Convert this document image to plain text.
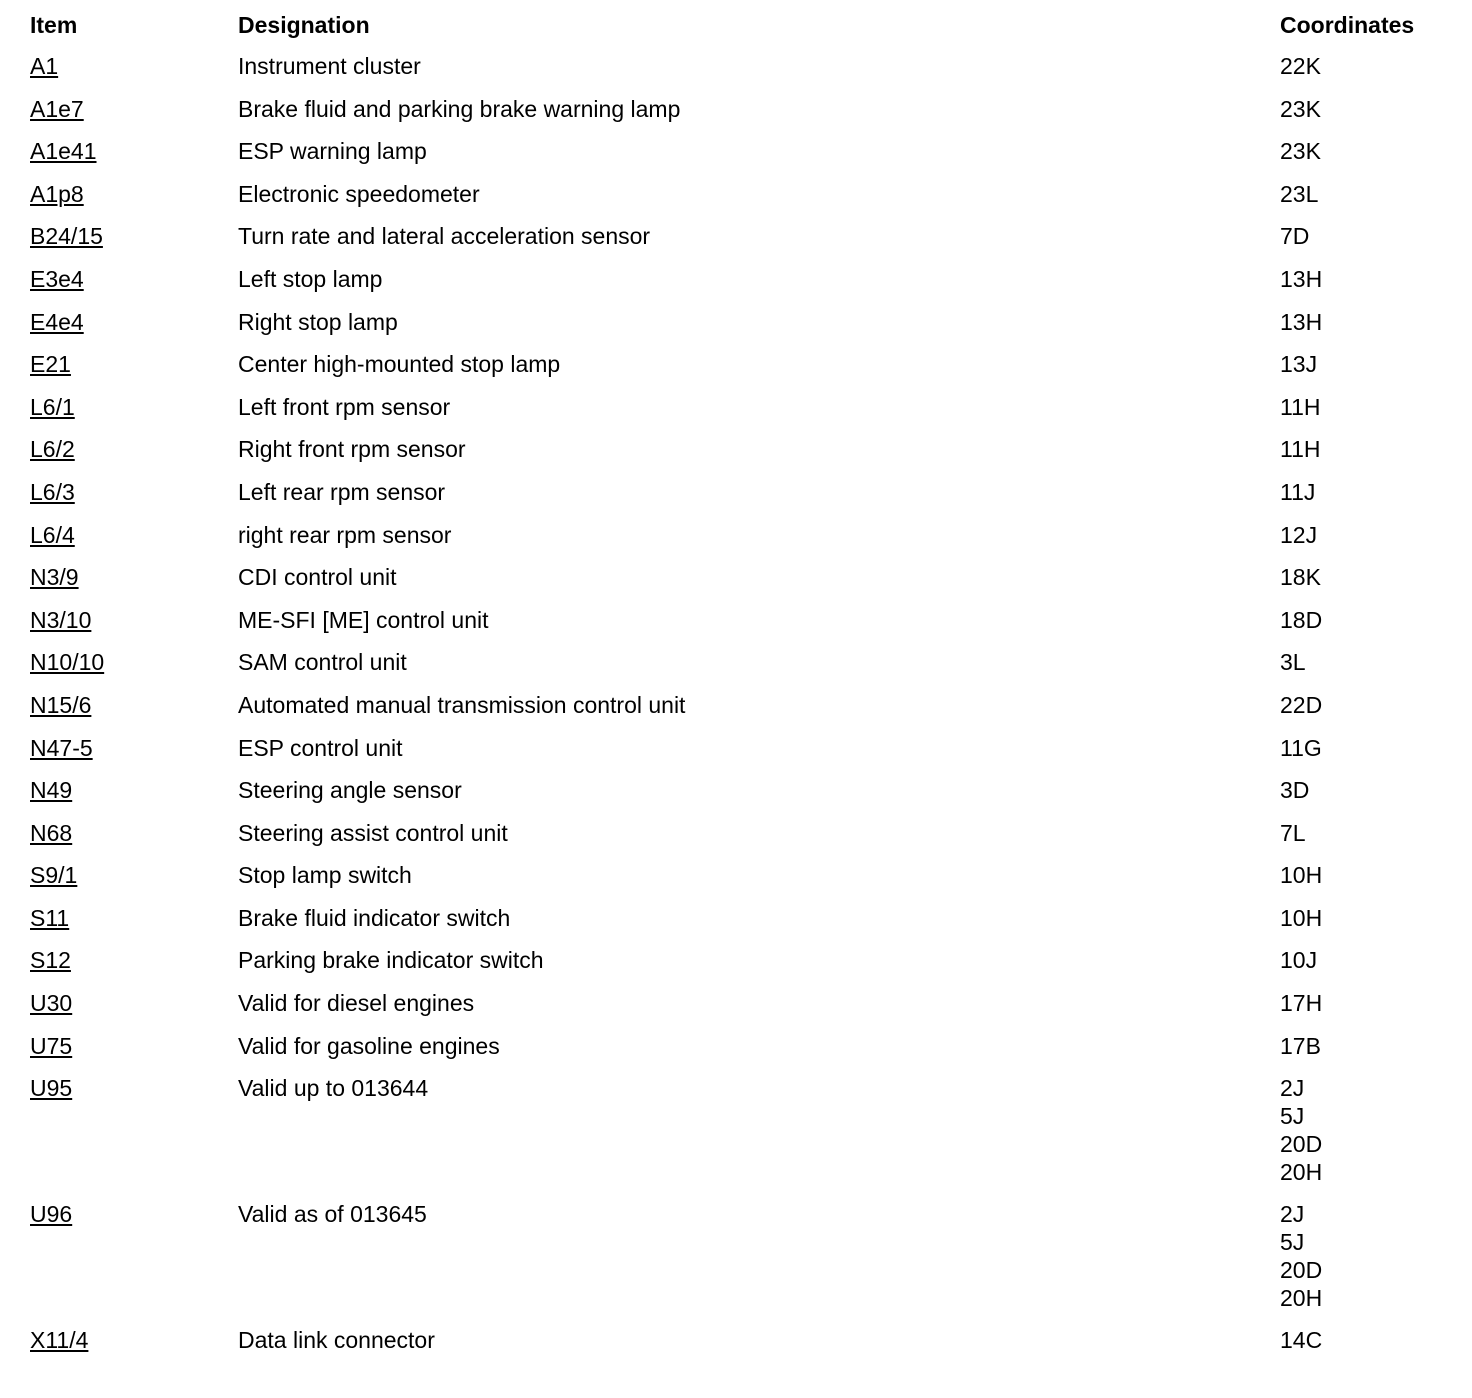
Item	Designation	Coordinates
A1	Instrument cluster	22K
A1e7	Brake fluid and parking brake warning lamp	23K
A1e41	ESP warning lamp	23K
A1p8	Electronic speedometer	23L
B24/15	Turn rate and lateral acceleration sensor	7D
E3e4	Left stop lamp	13H
E4e4	Right stop lamp	13H
E21	Center high-mounted stop lamp	13J
L6/1	Left front rpm sensor	11H
L6/2	Right front rpm sensor	11H
L6/3	Left rear rpm sensor	11J
L6/4	right rear rpm sensor	12J
N3/9	CDI control unit	18K
N3/10	ME-SFI [ME] control unit	18D
N10/10	SAM control unit	3L
N15/6	Automated manual transmission control unit	22D
N47-5	ESP control unit	11G
N49	Steering angle sensor	3D
N68	Steering assist control unit	7L
S9/1	Stop lamp switch	10H
S11	Brake fluid indicator switch	10H
S12	Parking brake indicator switch	10J
U30	Valid for diesel engines	17H
U75	Valid for gasoline engines	17B
U95	Valid up to 013644	2J
5J
20D
20H
U96	Valid as of 013645	2J
5J
20D
20H
X11/4	Data link connector	14C
